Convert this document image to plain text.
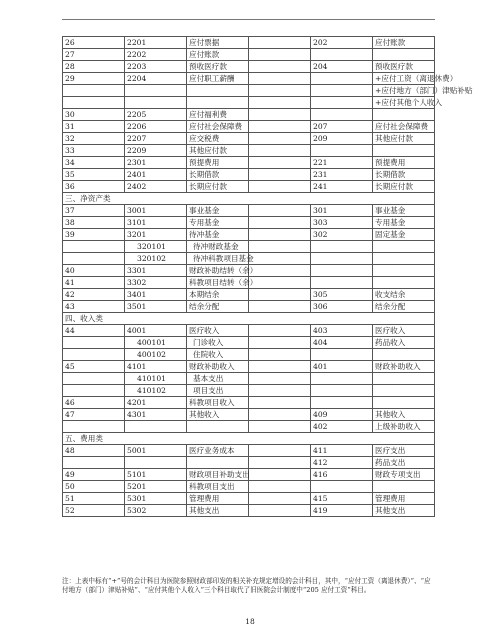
26	2201	应付票据		202	应付账款
27	2202	应付账款			
28	2203	预收医疗款		204	预收医疗款
29	2204	应付职工薪酬			+应付工资（离退休费）
					+应付地方（部门）津贴补贴
					+应付其他个人收入
30	2205	应付福利费			
31	2206	应付社会保障费		207	应付社会保障费
32	2207	应交税费		209	其他应付款
33	2209	其他应付款			
34	2301	预提费用		221	预提费用
35	2401	长期借款		231	长期借款
36	2402	长期应付款		241	长期应付款
三、净资产类					
37	3001	事业基金		301	事业基金
38	3101	专用基金		303	专用基金
39	3201	待冲基金		302	固定基金

	320101	待冲财政基金			

	320102	待冲科教项目基金			

40	3301	财政补助结转（余）			
41	3302	科教项目结转（余）			
42	3401	本期结余		305	收支结余
43	3501	结余分配		306	结余分配
四、收入类					
44	4001	医疗收入		403	医疗收入

	400101	门诊收入		404	药品收入

	400102	住院收入			

45	4101	财政补助收入		401	财政补助收入

	410101	基本支出			

	410102	项目支出			

46	4201	科教项目收入			
47	4301	其他收入		409	其他收入
				402	上级补助收入
五、费用类					
48	5001	医疗业务成本		411	医疗支出
				412	药品支出
49	5101	财政项目补助支出		416	财政专项支出
50	5201	科教项目支出			
51	5301	管理费用		415	管理费用
52	5302	其他支出		419	其他支出

注：上表中标有“+”号的会计科目为医院参照财政部印发的相关补充规定增设的会计科目，其中，“应付工资（离退休费）”、“应付地方（部门）津贴补贴”、“应付其他个人收入”三个科目取代了旧医院会计制度中“205 应付工资”科目。

18
